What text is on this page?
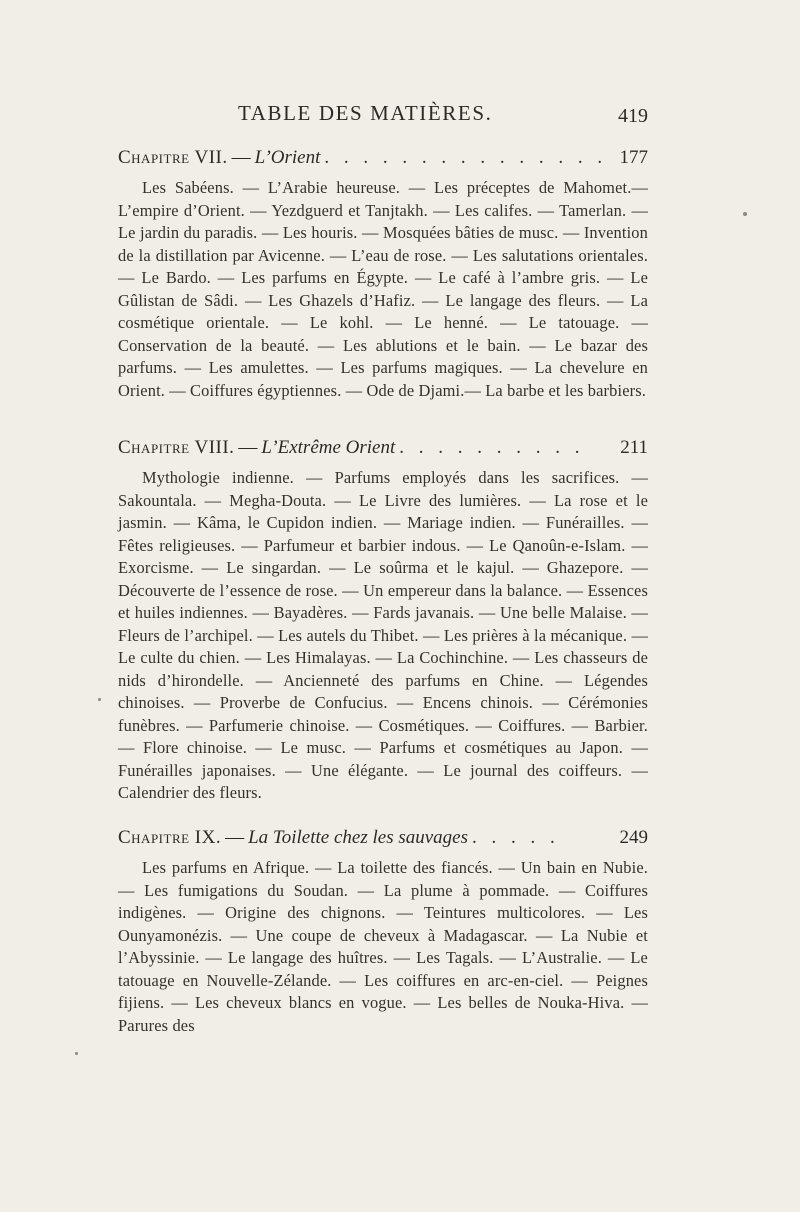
TABLE DES MATIÈRES.	419
Chapitre VII. — L’Orient . . . . . . . . . . . . . . . 177
Les Sabéens. — L’Arabie heureuse. — Les préceptes de Mahomet.— L’empire d’Orient. — Yezdguerd et Tanjtakh. — Les califes. — Tamerlan. — Le jardin du paradis. — Les houris. — Mosquées bâties de musc. — Invention de la distillation par Avicenne. — L’eau de rose. — Les salutations orientales. — Le Bardo. — Les parfums en Égypte. — Le café à l’ambre gris. — Le Gûlistan de Sâdi. — Les Ghazels d’Hafiz. — Le langage des fleurs. — La cosmétique orientale. — Le kohl. — Le henné. — Le tatouage. — Conservation de la beauté. — Les ablutions et le bain. — Le bazar des parfums. — Les amulettes. — Les parfums magiques. — La chevelure en Orient. — Coiffures égyptiennes. — Ode de Djami.— La barbe et les barbiers.
Chapitre VIII. — L’Extrême Orient . . . . . . . . . . 211
Mythologie indienne. — Parfums employés dans les sacrifices. — Sakountala. — Megha-Douta. — Le Livre des lumières. — La rose et le jasmin. — Kâma, le Cupidon indien. — Mariage indien. — Funérailles. — Fêtes religieuses. — Parfumeur et barbier indous. — Le Qanoûn-e-Islam. — Exorcisme. — Le singardan. — Le soûrma et le kajul. — Ghazepore. — Découverte de l’essence de rose. — Un empereur dans la balance. — Essences et huiles indiennes. — Bayadères. — Fards javanais. — Une belle Malaise. — Fleurs de l’archipel. — Les autels du Thibet. — Les prières à la mécanique. — Le culte du chien. — Les Himalayas. — La Cochinchine. — Les chasseurs de nids d’hirondelle. — Ancienneté des parfums en Chine. — Légendes chinoises. — Proverbe de Confucius. — Encens chinois. — Cérémonies funèbres. — Parfumerie chinoise. — Cosmétiques. — Coiffures. — Barbier. — Flore chinoise. — Le musc. — Parfums et cosmétiques au Japon. — Funérailles japonaises. — Une élégante. — Le journal des coiffeurs. — Calendrier des fleurs.
Chapitre IX. — La Toilette chez les sauvages . . . . .	249
Les parfums en Afrique. — La toilette des fiancés. — Un bain en Nubie. — Les fumigations du Soudan. — La plume à pommade. — Coiffures indigènes. — Origine des chignons. — Teintures multicolores. — Les Ounyamonézis. — Une coupe de cheveux à Madagascar. — La Nubie et l’Abyssinie. — Le langage des huîtres. — Les Tagals. — L’Australie. — Le tatouage en Nouvelle-Zélande. — Les coiffures en arc-en-ciel. — Peignes fijiens. — Les cheveux blancs en vogue. — Les belles de Nouka-Hiva. — Parures des
